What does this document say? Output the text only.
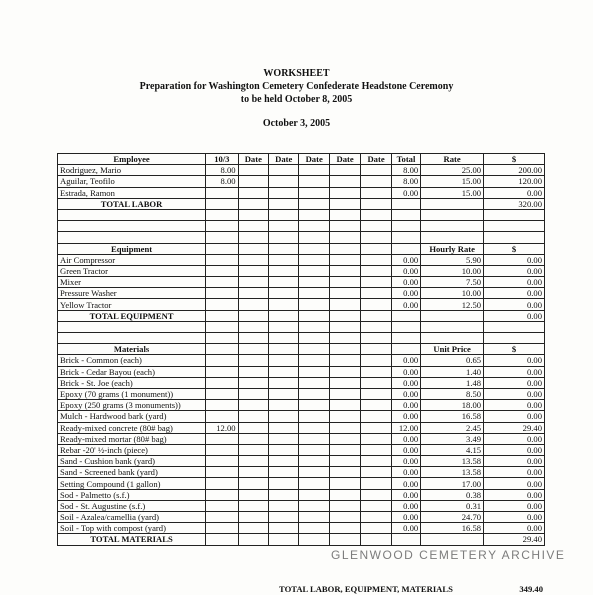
WORKSHEET
Preparation for Washington Cemetery Confederate Headstone Ceremony
to be held October 8, 2005
October 3, 2005
Employee	10/3	Date	Date	Date	Date	Date	Total	Rate	$
Rodriguez, Mario	8.00						8.00	25.00	200.00
Aguilar, Teofilo	8.00						8.00	15.00	120.00
Estrada, Ramon							0.00	15.00	0.00
TOTAL LABOR									320.00

Equipment								Hourly Rate	$
Air Compressor							0.00	5.90	0.00
Green Tractor							0.00	10.00	0.00
Mixer							0.00	7.50	0.00
Pressure Washer							0.00	10.00	0.00
Yellow Tractor							0.00	12.50	0.00
TOTAL EQUIPMENT									0.00

Materials								Unit Price	$
Brick - Common (each)							0.00	0.65	0.00
Brick - Cedar Bayou (each)							0.00	1.40	0.00
Brick - St. Joe (each)							0.00	1.48	0.00
Epoxy (70 grams (1 monument))							0.00	8.50	0.00
Epoxy (250 grams (3 monuments))							0.00	18.00	0.00
Mulch - Hardwood bark (yard)							0.00	16.58	0.00
Ready-mixed concrete (80# bag)	12.00						12.00	2.45	29.40
Ready-mixed mortar (80# bag)							0.00	3.49	0.00
Rebar -20' ½-inch (piece)							0.00	4.15	0.00
Sand - Cushion bank (yard)							0.00	13.58	0.00
Sand - Screened bank (yard)							0.00	13.58	0.00
Setting Compound (1 gallon)							0.00	17.00	0.00
Sod - Palmetto (s.f.)							0.00	0.38	0.00
Sod - St. Augustine (s.f.)							0.00	0.31	0.00
Soil - Azalea/camellia (yard)							0.00	24.70	0.00
Soil - Top with compost (yard)							0.00	16.58	0.00
TOTAL MATERIALS									29.40
TOTAL LABOR, EQUIPMENT, MATERIALS	349.40
GLENWOOD CEMETERY ARCHIVE
